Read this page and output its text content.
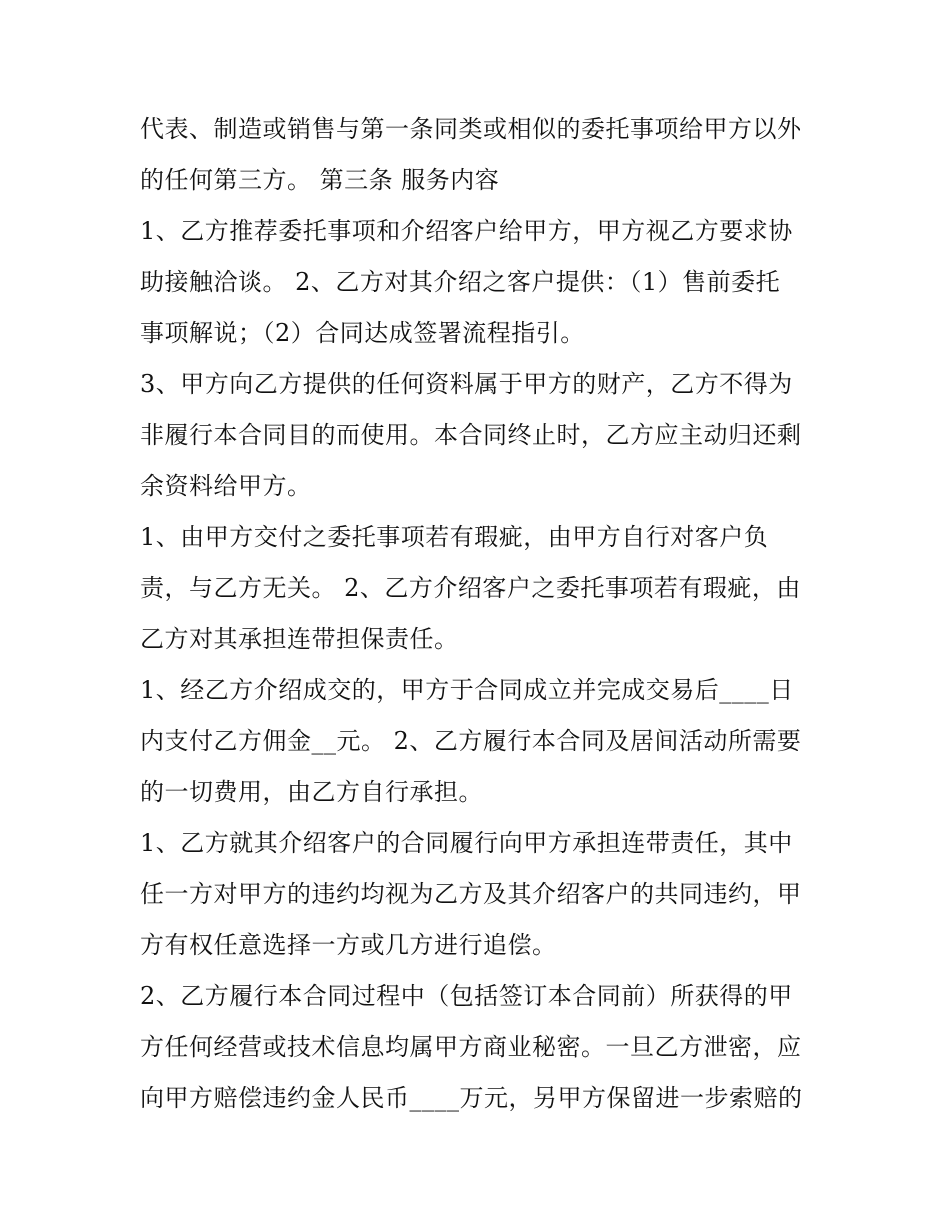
代表、制造或销售与第一条同类或相似的委托事项给甲方以外
的任何第三方。 第三条 服务内容
1、乙方推荐委托事项和介绍客户给甲方，甲方视乙方要求协
助接触洽谈。 2、乙方对其介绍之客户提供：（1）售前委托
事项解说；（2）合同达成签署流程指引。
3、甲方向乙方提供的任何资料属于甲方的财产，乙方不得为
非履行本合同目的而使用。本合同终止时，乙方应主动归还剩
余资料给甲方。
1、由甲方交付之委托事项若有瑕疵，由甲方自行对客户负
责，与乙方无关。 2、乙方介绍客户之委托事项若有瑕疵，由
乙方对其承担连带担保责任。
1、经乙方介绍成交的，甲方于合同成立并完成交易后____日
内支付乙方佣金__元。 2、乙方履行本合同及居间活动所需要
的一切费用，由乙方自行承担。
1、乙方就其介绍客户的合同履行向甲方承担连带责任，其中
任一方对甲方的违约均视为乙方及其介绍客户的共同违约，甲
方有权任意选择一方或几方进行追偿。
2、乙方履行本合同过程中（包括签订本合同前）所获得的甲
方任何经营或技术信息均属甲方商业秘密。一旦乙方泄密，应
向甲方赔偿违约金人民币____万元，另甲方保留进一步索赔的
